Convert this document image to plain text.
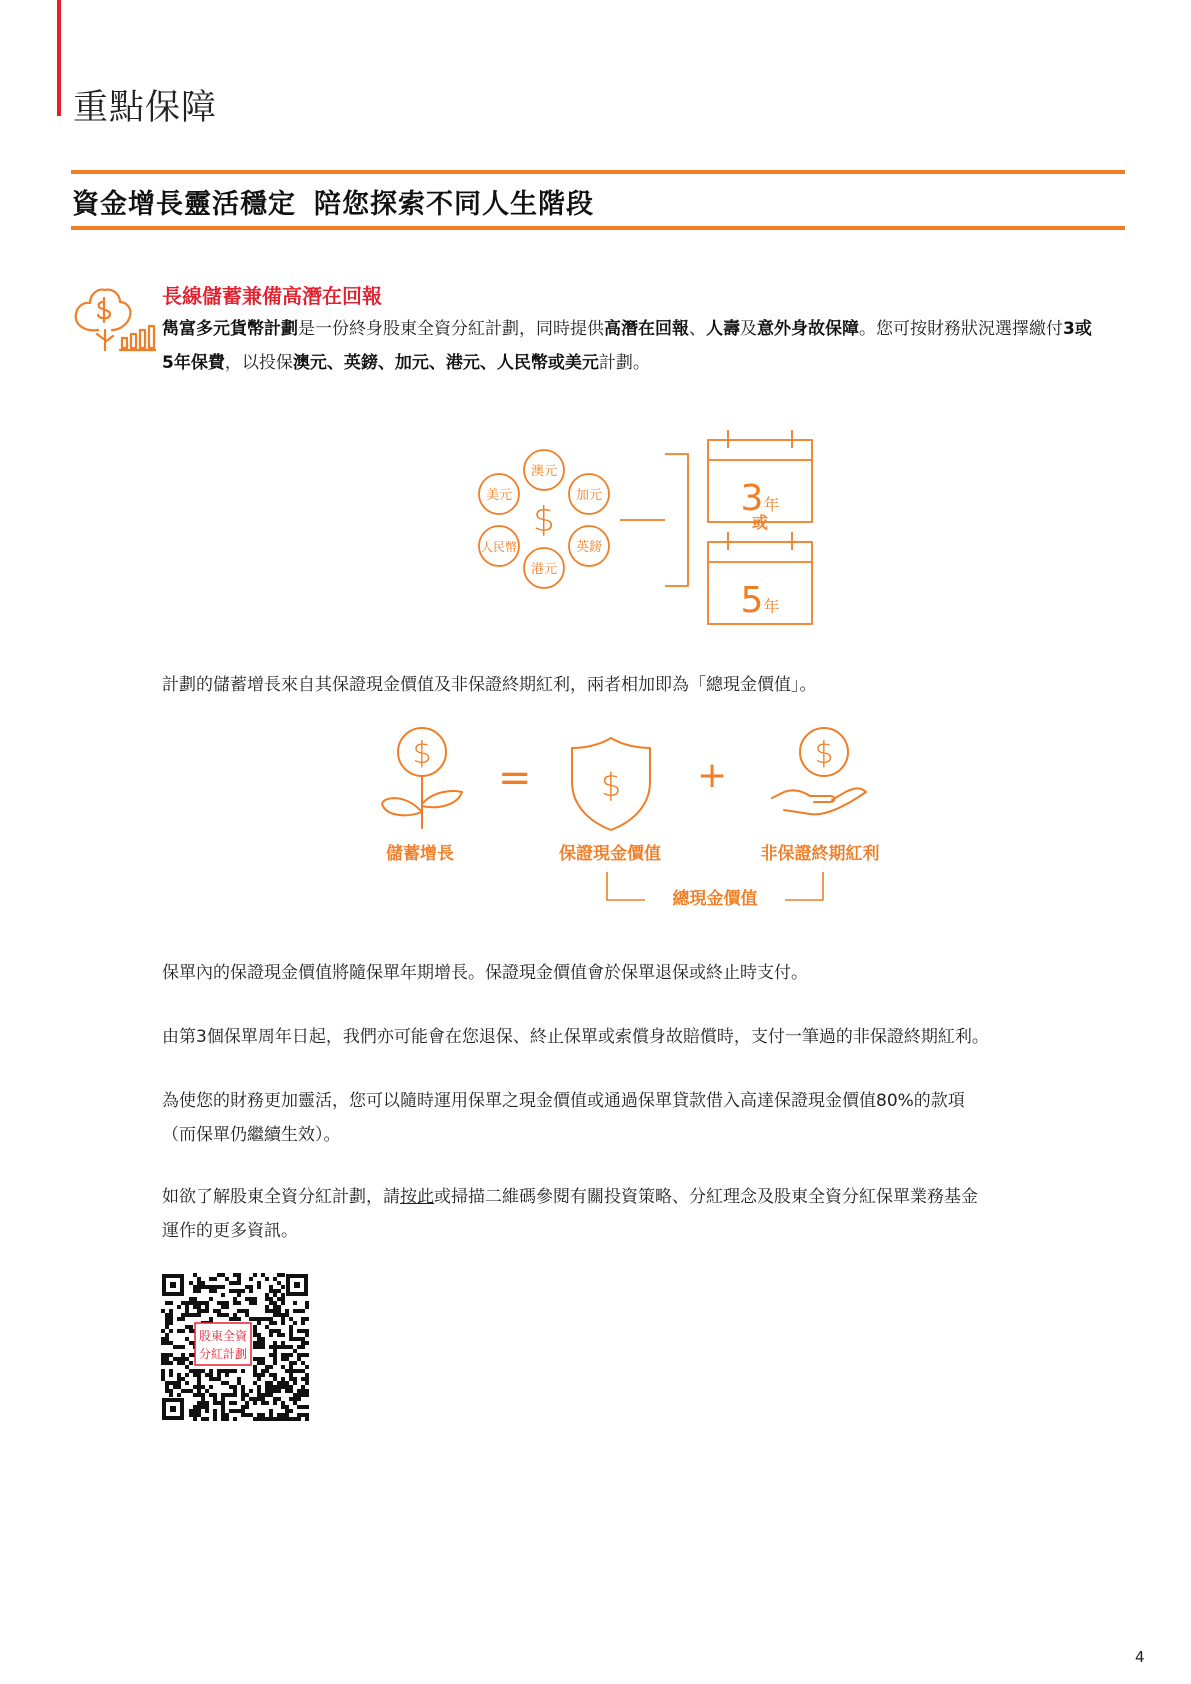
重點保障
資金增長靈活穩定 陪您探索不同人生階段
長線儲蓄兼備高潛在回報
雋富多元貨幣計劃是一份終身股東全資分紅計劃，同時提供高潛在回報、人壽及意外身故保障。您可按財務狀況選擇繳付3或5年保費，以投保澳元、英鎊、加元、港元、人民幣或美元計劃。
澳元
加元
英鎊
港元
人民幣
美元
$
3年
或
5年
計劃的儲蓄增長來自其保證現金價值及非保證終期紅利，兩者相加即為「總現金價值」。
$
= $ +
$
儲蓄增長	保證現金價值	非保證終期紅利
總現金價值
保單內的保證現金價值將隨保單年期增長。保證現金價值會於保單退保或終止時支付。
由第3個保單周年日起，我們亦可能會在您退保、終止保單或索償身故賠償時，支付一筆過的非保證終期紅利。
為使您的財務更加靈活，您可以隨時運用保單之現金價值或通過保單貸款借入高達保證現金價值80%的款項
（而保單仍繼續生效）。
如欲了解股東全資分紅計劃，請按此或掃描二維碼參閱有關投資策略、分紅理念及股東全資分紅保單業務基金
運作的更多資訊。
股東全資
分紅計劃
4
